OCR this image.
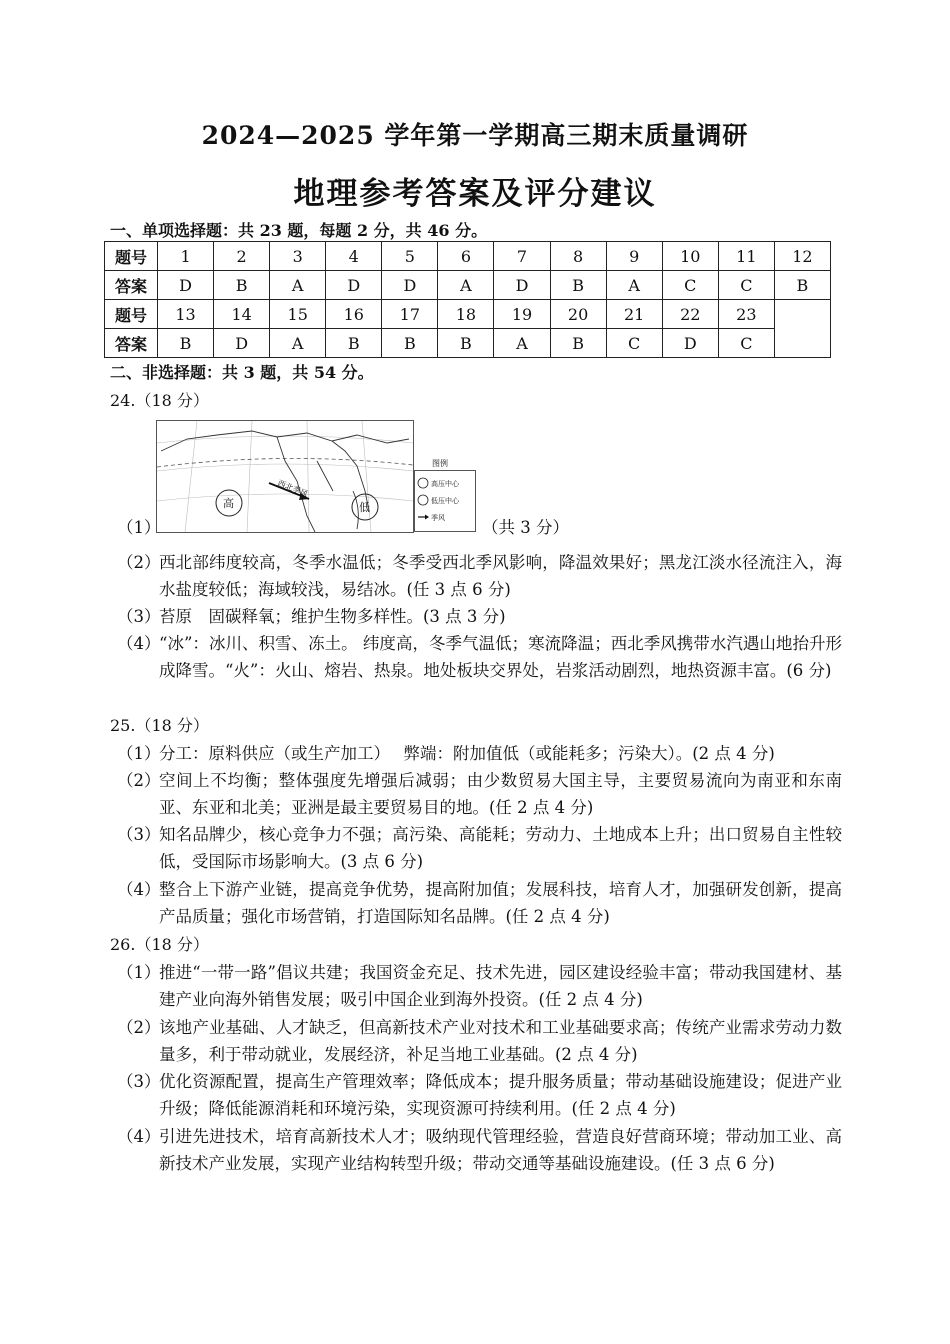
2024—2025 学年第一学期高三期末质量调研
地理参考答案及评分建议
一、单项选择题：共 23 题，每题 2 分，共 46 分。
题号	1	2	3	4	5	6	7	8	9	10	11	12
答案	D	B	A	D	D	A	D	B	A	C	C	B
题号	13	14	15	16	17	18	19	20	21	22	23	
答案	B	D	A	B	B	B	A	B	C	D	C	
二、非选择题：共 3 题，共 54 分。
24.（18 分）
西北季风
高	低
高压中心
低压中心
季风
图例
（1）	（共 3 分）
（2）
西北部纬度较高，冬季水温低；冬季受西北季风影响，降温效果好；黑龙江淡水径流注入，海水盐度较低；海域较浅，易结冰。(任 3 点 6 分)
（3）
苔原　固碳释氧；维护生物多样性。(3 点 3 分)
（4）
“冰”：冰川、积雪、冻土。 纬度高，冬季气温低；寒流降温；西北季风携带水汽遇山地抬升形成降雪。“火”：火山、熔岩、热泉。地处板块交界处，岩浆活动剧烈，地热资源丰富。(6 分)
25.（18 分）
（1）
分工：原料供应（或生产加工）　 弊端：附加值低（或能耗多；污染大）。(2 点 4 分)
（2）
空间上不均衡；整体强度先增强后减弱；由少数贸易大国主导，主要贸易流向为南亚和东南亚、东亚和北美；亚洲是最主要贸易目的地。(任 2 点 4 分)
（3）
知名品牌少，核心竞争力不强；高污染、高能耗；劳动力、土地成本上升；出口贸易自主性较低，受国际市场影响大。(3 点 6 分)
（4）
整合上下游产业链，提高竞争优势，提高附加值；发展科技，培育人才，加强研发创新，提高产品质量；强化市场营销，打造国际知名品牌。(任 2 点 4 分)
26.（18 分）
（1）
推进“一带一路”倡议共建；我国资金充足、技术先进，园区建设经验丰富；带动我国建材、基建产业向海外销售发展；吸引中国企业到海外投资。(任 2 点 4 分)
（2）
该地产业基础、人才缺乏，但高新技术产业对技术和工业基础要求高；传统产业需求劳动力数量多，利于带动就业，发展经济，补足当地工业基础。(2 点 4 分)
（3）
优化资源配置，提高生产管理效率；降低成本；提升服务质量；带动基础设施建设；促进产业升级；降低能源消耗和环境污染，实现资源可持续利用。(任 2 点 4 分)
（4）
引进先进技术，培育高新技术人才；吸纳现代管理经验，营造良好营商环境；带动加工业、高新技术产业发展，实现产业结构转型升级；带动交通等基础设施建设。(任 3 点 6 分)
